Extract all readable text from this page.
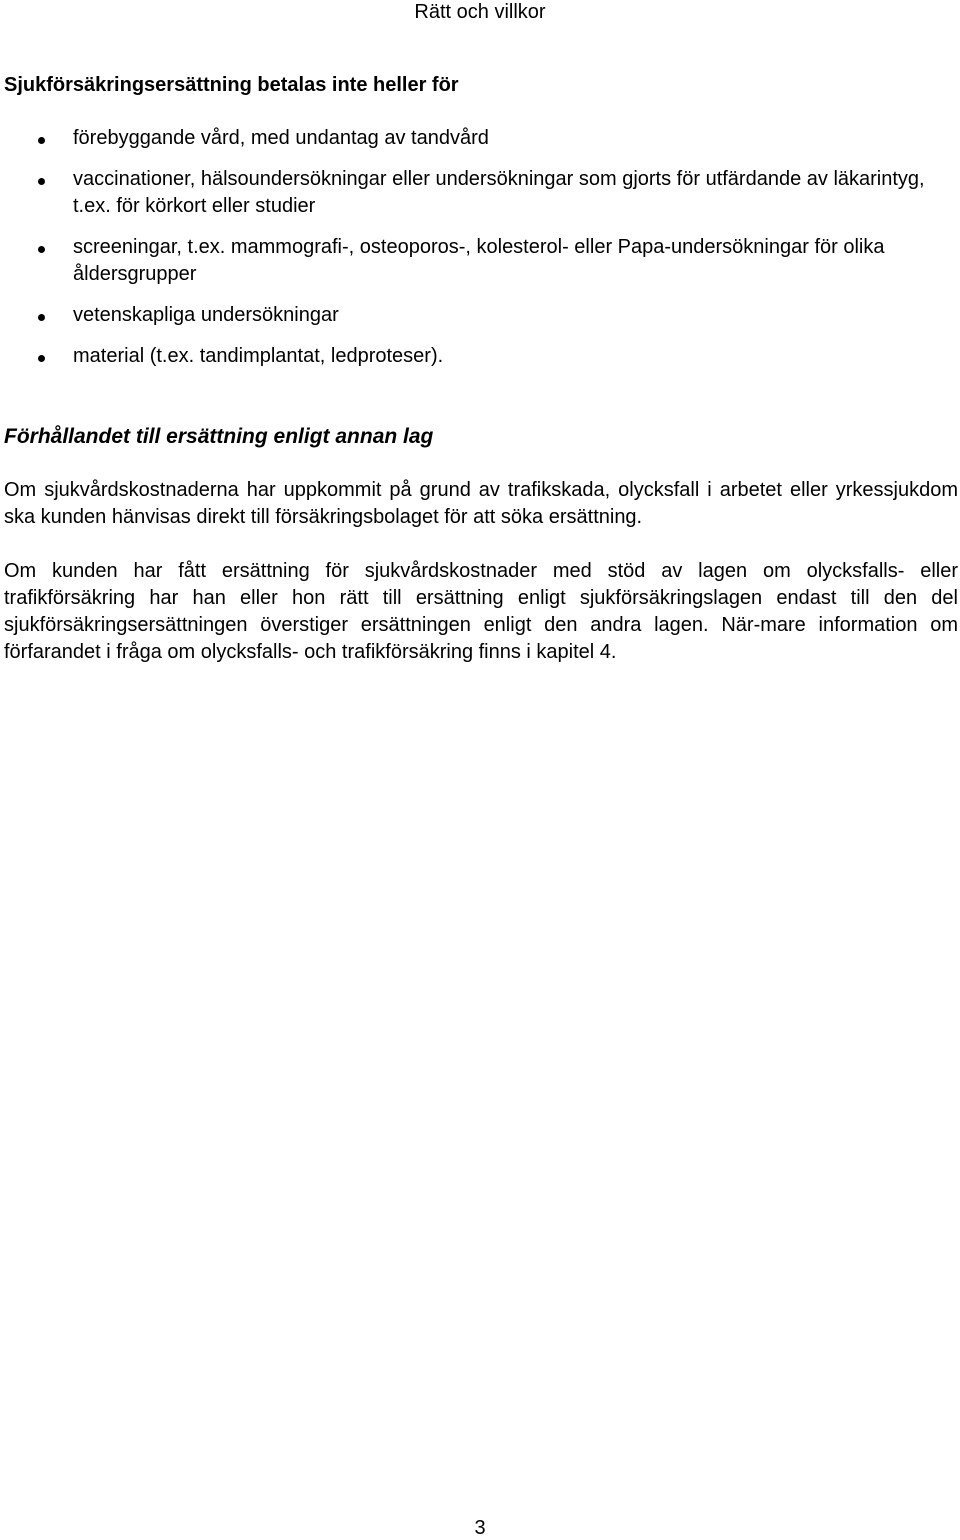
Rätt och villkor
Sjukförsäkringsersättning betalas inte heller för
förebyggande vård, med undantag av tandvård
vaccinationer, hälsoundersökningar eller undersökningar som gjorts för utfärdande av läkarintyg, t.ex. för körkort eller studier
screeningar, t.ex. mammografi-, osteoporos-, kolesterol- eller Papa-undersökningar för olika åldersgrupper
vetenskapliga undersökningar
material (t.ex. tandimplantat, ledproteser).
Förhållandet till ersättning enligt annan lag

Om sjukvårdskostnaderna har uppkommit på grund av trafikskada, olycksfall i arbetet eller yrkessjukdom ska kunden hänvisas direkt till försäkringsbolaget för att söka ersättning.

Om kunden har fått ersättning för sjukvårdskostnader med stöd av lagen om olycksfalls- eller trafikförsäkring har han eller hon rätt till ersättning enligt sjukförsäkringslagen endast till den del sjukförsäkringsersättningen överstiger ersättningen enligt den andra lagen. När-mare information om förfarandet i fråga om olycksfalls- och trafikförsäkring finns i kapitel 4.

3
